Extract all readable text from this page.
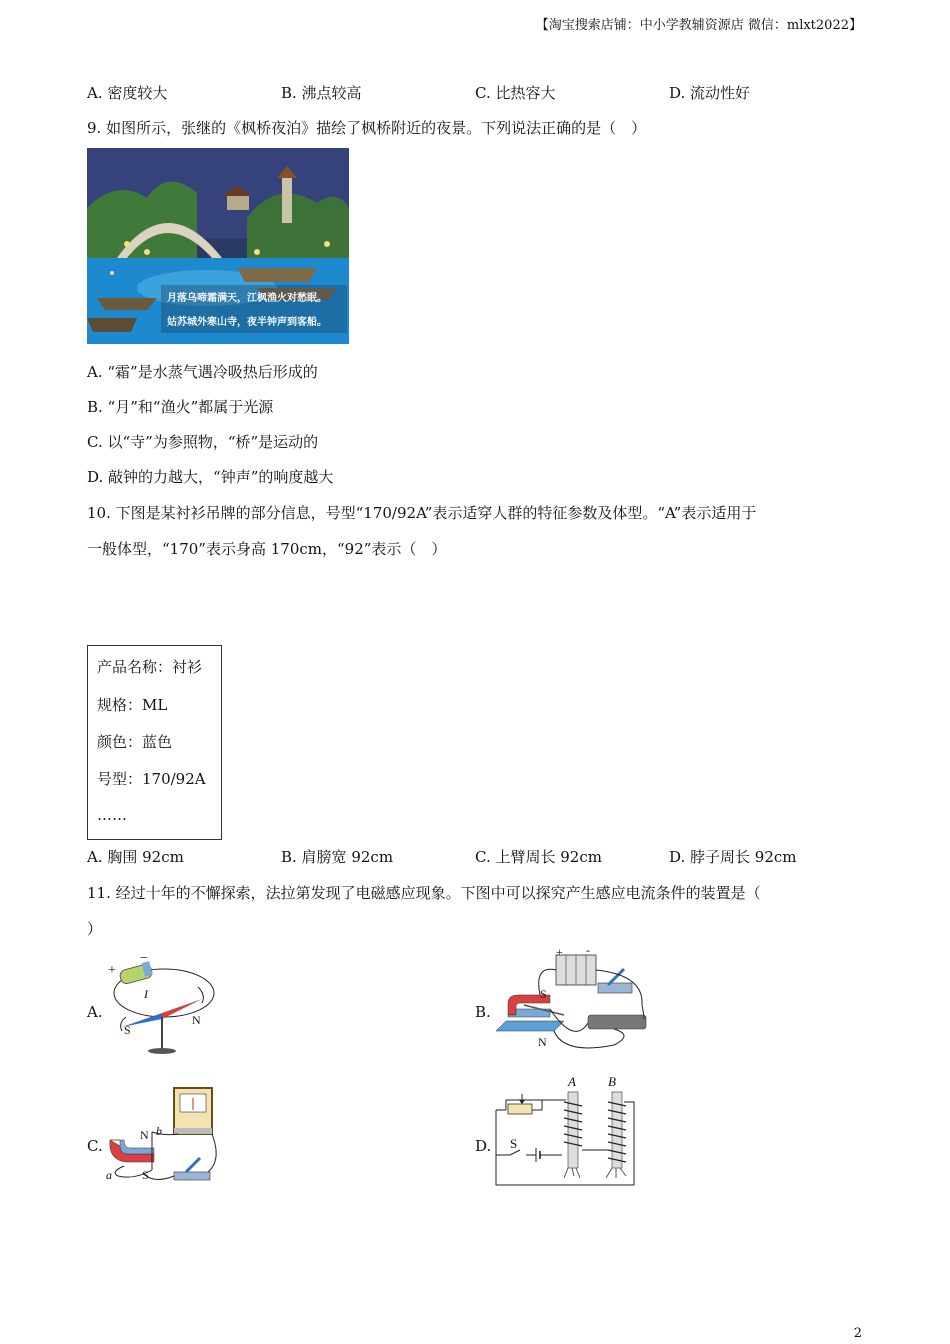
【淘宝搜索店铺：中小学教辅资源店 微信：mlxt2022】
A. 密度较大	B. 沸点较高	C. 比热容大	D. 流动性好
9. 如图所示，张继的《枫桥夜泊》描绘了枫桥附近的夜景。下列说法正确的是（　）
月落乌啼霜满天，江枫渔火对愁眠。
姑苏城外寒山寺，夜半钟声到客船。
A. “霜”是水蒸气遇冷吸热后形成的
B. “月”和“渔火”都属于光源
C. 以“寺”为参照物，“桥”是运动的
D. 敲钟的力越大，“钟声”的响度越大
10. 下图是某衬衫吊牌的部分信息，号型“170/92A”表示适穿人群的特征参数及体型。“A”表示适用于
一般体型，“170”表示身高 170cm，“92”表示（　）
产品名称：衬衫
规格：ML
颜色：蓝色
号型：170/92A
……
A. 胸围 92cm	B. 肩膀宽 92cm	C. 上臂周长 92cm	D. 脖子周长 92cm
11. 经过十年的不懈探索，法拉第发现了电磁感应现象。下图中可以探究产生感应电流条件的装置是（
）
A.
+
−
I
S
N	B.
+ -
S
N
C.
N b
a	S
D.
A B
S
2
